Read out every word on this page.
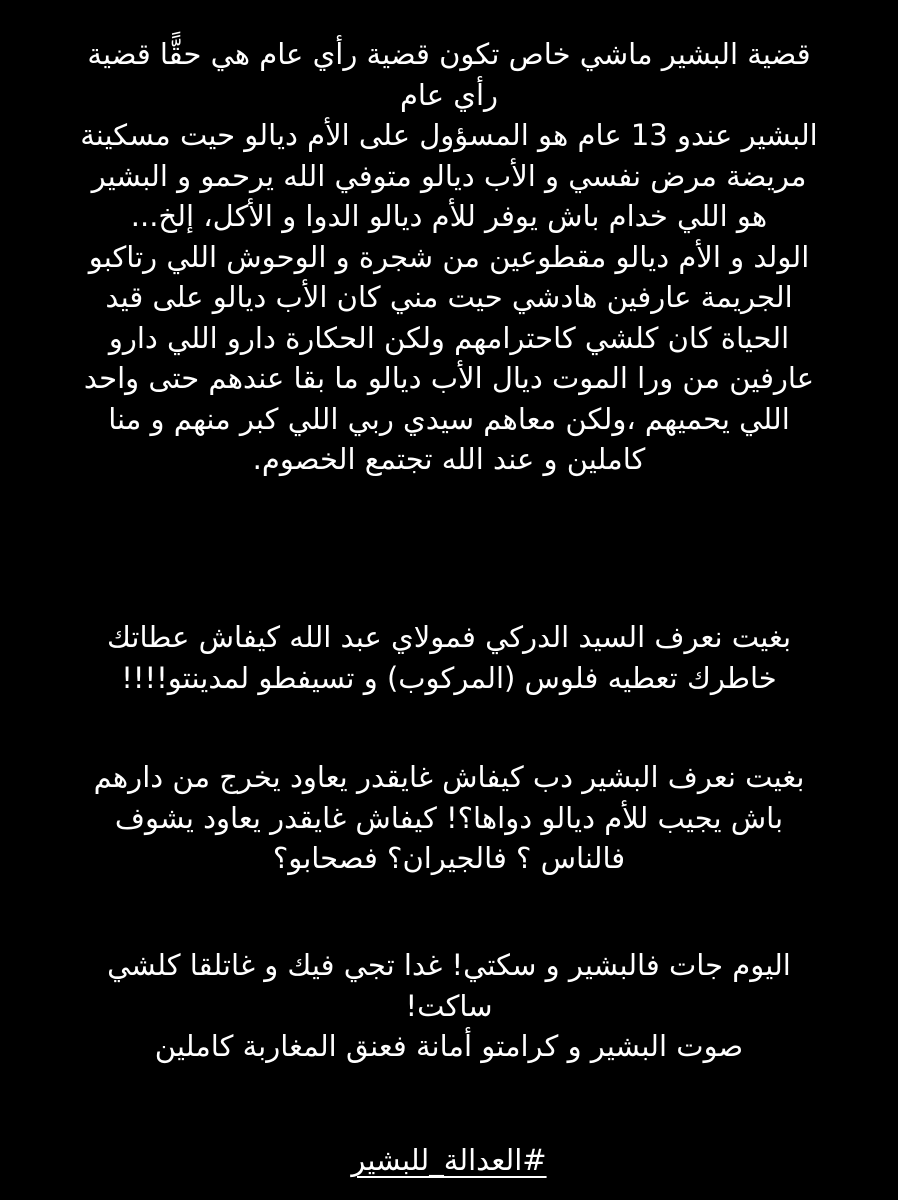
قضية البشير ماشي خاص تكون قضية رأي عام هي حقًّا قضية
رأي عام
البشير عندو 13 عام هو المسؤول على الأم ديالو حيت مسكينة
مريضة مرض نفسي و الأب ديالو متوفي الله يرحمو و البشير
هو اللي خدام باش يوفر للأم ديالو الدوا و الأكل، إلخ...
الولد و الأم ديالو مقطوعين من شجرة و الوحوش اللي رتاكبو
الجريمة عارفين هادشي حيت مني كان الأب ديالو على قيد
الحياة كان كلشي كاحترامهم ولكن الحكارة دارو اللي دارو
عارفين من ورا الموت ديال الأب ديالو ما بقا عندهم حتى واحد
اللي يحميهم ،ولكن معاهم سيدي ربي اللي كبر منهم و منا
كاملين و عند الله تجتمع الخصوم.
بغيت نعرف السيد الدركي فمولاي عبد الله كيفاش عطاتك
خاطرك تعطيه فلوس (المركوب) و تسيفطو لمدينتو!!!!
بغيت نعرف البشير دب كيفاش غايقدر يعاود يخرج من دارهم
باش يجيب للأم ديالو دواها؟! كيفاش غايقدر يعاود يشوف
فالناس ؟ فالجيران؟ فصحابو؟
اليوم جات فالبشير و سكتي! غدا تجي فيك و غاتلقا كلشي
ساكت!
صوت البشير و كرامتو أمانة فعنق المغاربة كاملين
#العدالة_للبشير
